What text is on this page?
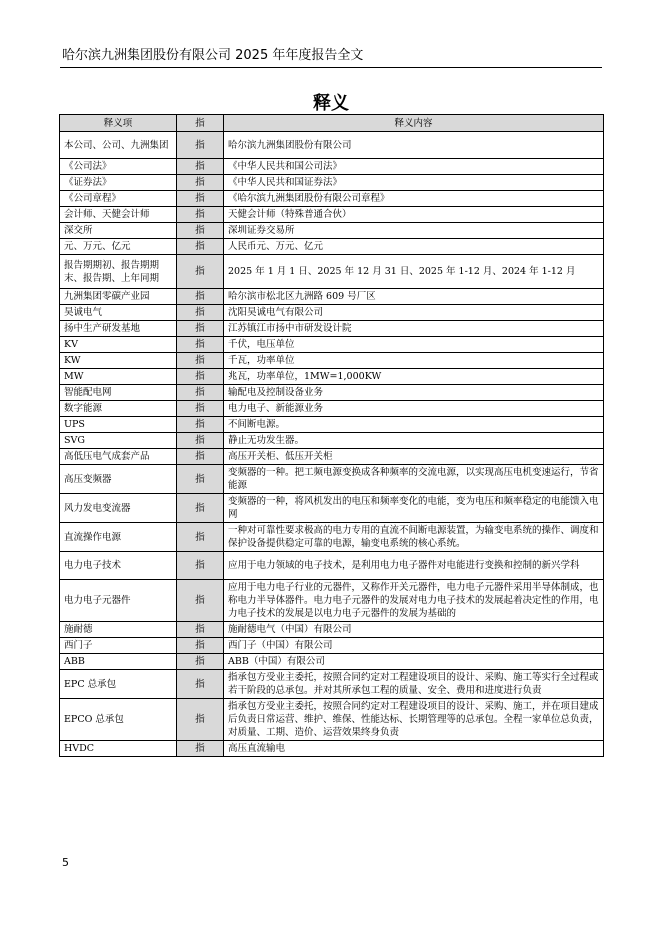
哈尔滨九洲集团股份有限公司 2025 年年度报告全文
释义
释义项	指	释义内容
本公司、公司、九洲集团	指	哈尔滨九洲集团股份有限公司
《公司法》	指	《中华人民共和国公司法》
《证券法》	指	《中华人民共和国证券法》
《公司章程》	指	《哈尔滨九洲集团股份有限公司章程》
会计师、天健会计师	指	天健会计师（特殊普通合伙）
深交所	指	深圳证券交易所
元、万元、亿元	指	人民币元、万元、亿元
报告期期初、报告期期末、报告期、上年同期	指	2025 年 1 月 1 日、2025 年 12 月 31 日、2025 年 1-12 月、2024 年 1-12 月
九洲集团零碳产业园	指	哈尔滨市松北区九洲路 609 号厂区
昊诚电气	指	沈阳昊诚电气有限公司
扬中生产研发基地	指	江苏镇江市扬中市研发设计院
KV	指	千伏，电压单位
KW	指	千瓦，功率单位
MW	指	兆瓦，功率单位，1MW=1,000KW
智能配电网	指	输配电及控制设备业务
数字能源	指	电力电子、新能源业务
UPS	指	不间断电源。
SVG	指	静止无功发生器。
高低压电气成套产品	指	高压开关柜、低压开关柜
高压变频器	指	变频器的一种。把工频电源变换成各种频率的交流电源，以实现高压电机变速运行，节省能源
风力发电变流器	指	变频器的一种，将风机发出的电压和频率变化的电能，变为电压和频率稳定的电能馈入电网
直流操作电源	指	一种对可靠性要求极高的电力专用的直流不间断电源装置，为输变电系统的操作、调度和保护设备提供稳定可靠的电源，输变电系统的核心系统。
电力电子技术	指	应用于电力领域的电子技术，是利用电力电子器件对电能进行变换和控制的新兴学科
电力电子元器件	指	应用于电力电子行业的元器件，又称作开关元器件，电力电子元器件采用半导体制成，也称电力半导体器件。电力电子元器件的发展对电力电子技术的发展起着决定性的作用，电力电子技术的发展是以电力电子元器件的发展为基础的
施耐德	指	施耐德电气（中国）有限公司
西门子	指	西门子（中国）有限公司
ABB	指	ABB（中国）有限公司
EPC 总承包	指	指承包方受业主委托，按照合同约定对工程建设项目的设计、采购、施工等实行全过程或若干阶段的总承包。并对其所承包工程的质量、安全、费用和进度进行负责
EPCO 总承包	指	指承包方受业主委托，按照合同约定对工程建设项目的设计、采购、施工，并在项目建成后负责日常运营、维护、维保、性能达标、长期管理等的总承包。全程一家单位总负责，对质量、工期、造价、运营效果终身负责
HVDC	指	高压直流输电
5
